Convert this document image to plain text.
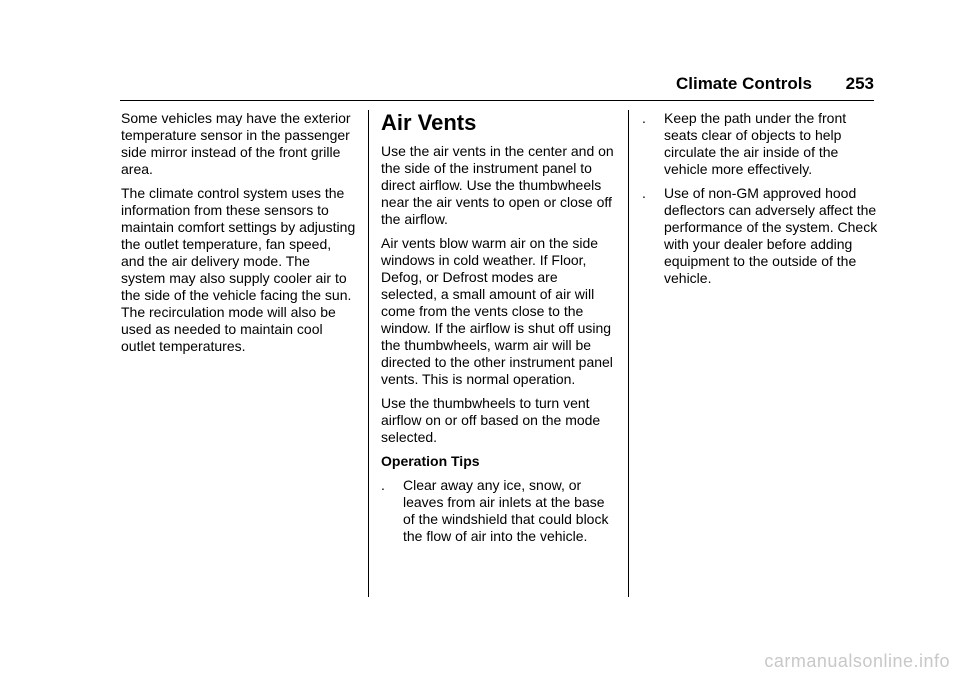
Climate Controls 253

Some vehicles may have the exterior temperature sensor in the passenger side mirror instead of the front grille area.

The climate control system uses the information from these sensors to maintain comfort settings by adjusting the outlet temperature, fan speed, and the air delivery mode. The system may also supply cooler air to the side of the vehicle facing the sun. The recirculation mode will also be used as needed to maintain cool outlet temperatures.

Air Vents

Use the air vents in the center and on the side of the instrument panel to direct airflow. Use the thumbwheels near the air vents to open or close off the airflow.

Air vents blow warm air on the side windows in cold weather. If Floor, Defog, or Defrost modes are selected, a small amount of air will come from the vents close to the window. If the airflow is shut off using the thumbwheels, warm air will be directed to the other instrument panel vents. This is normal operation.

Use the thumbwheels to turn vent airflow on or off based on the mode selected.

Operation Tips
. Clear away any ice, snow, or leaves from air inlets at the base of the windshield that could block the flow of air into the vehicle.
. Keep the path under the front seats clear of objects to help circulate the air inside of the vehicle more effectively.
. Use of non-GM approved hood deflectors can adversely affect the performance of the system. Check with your dealer before adding equipment to the outside of the vehicle.
carmanualsonline.info
